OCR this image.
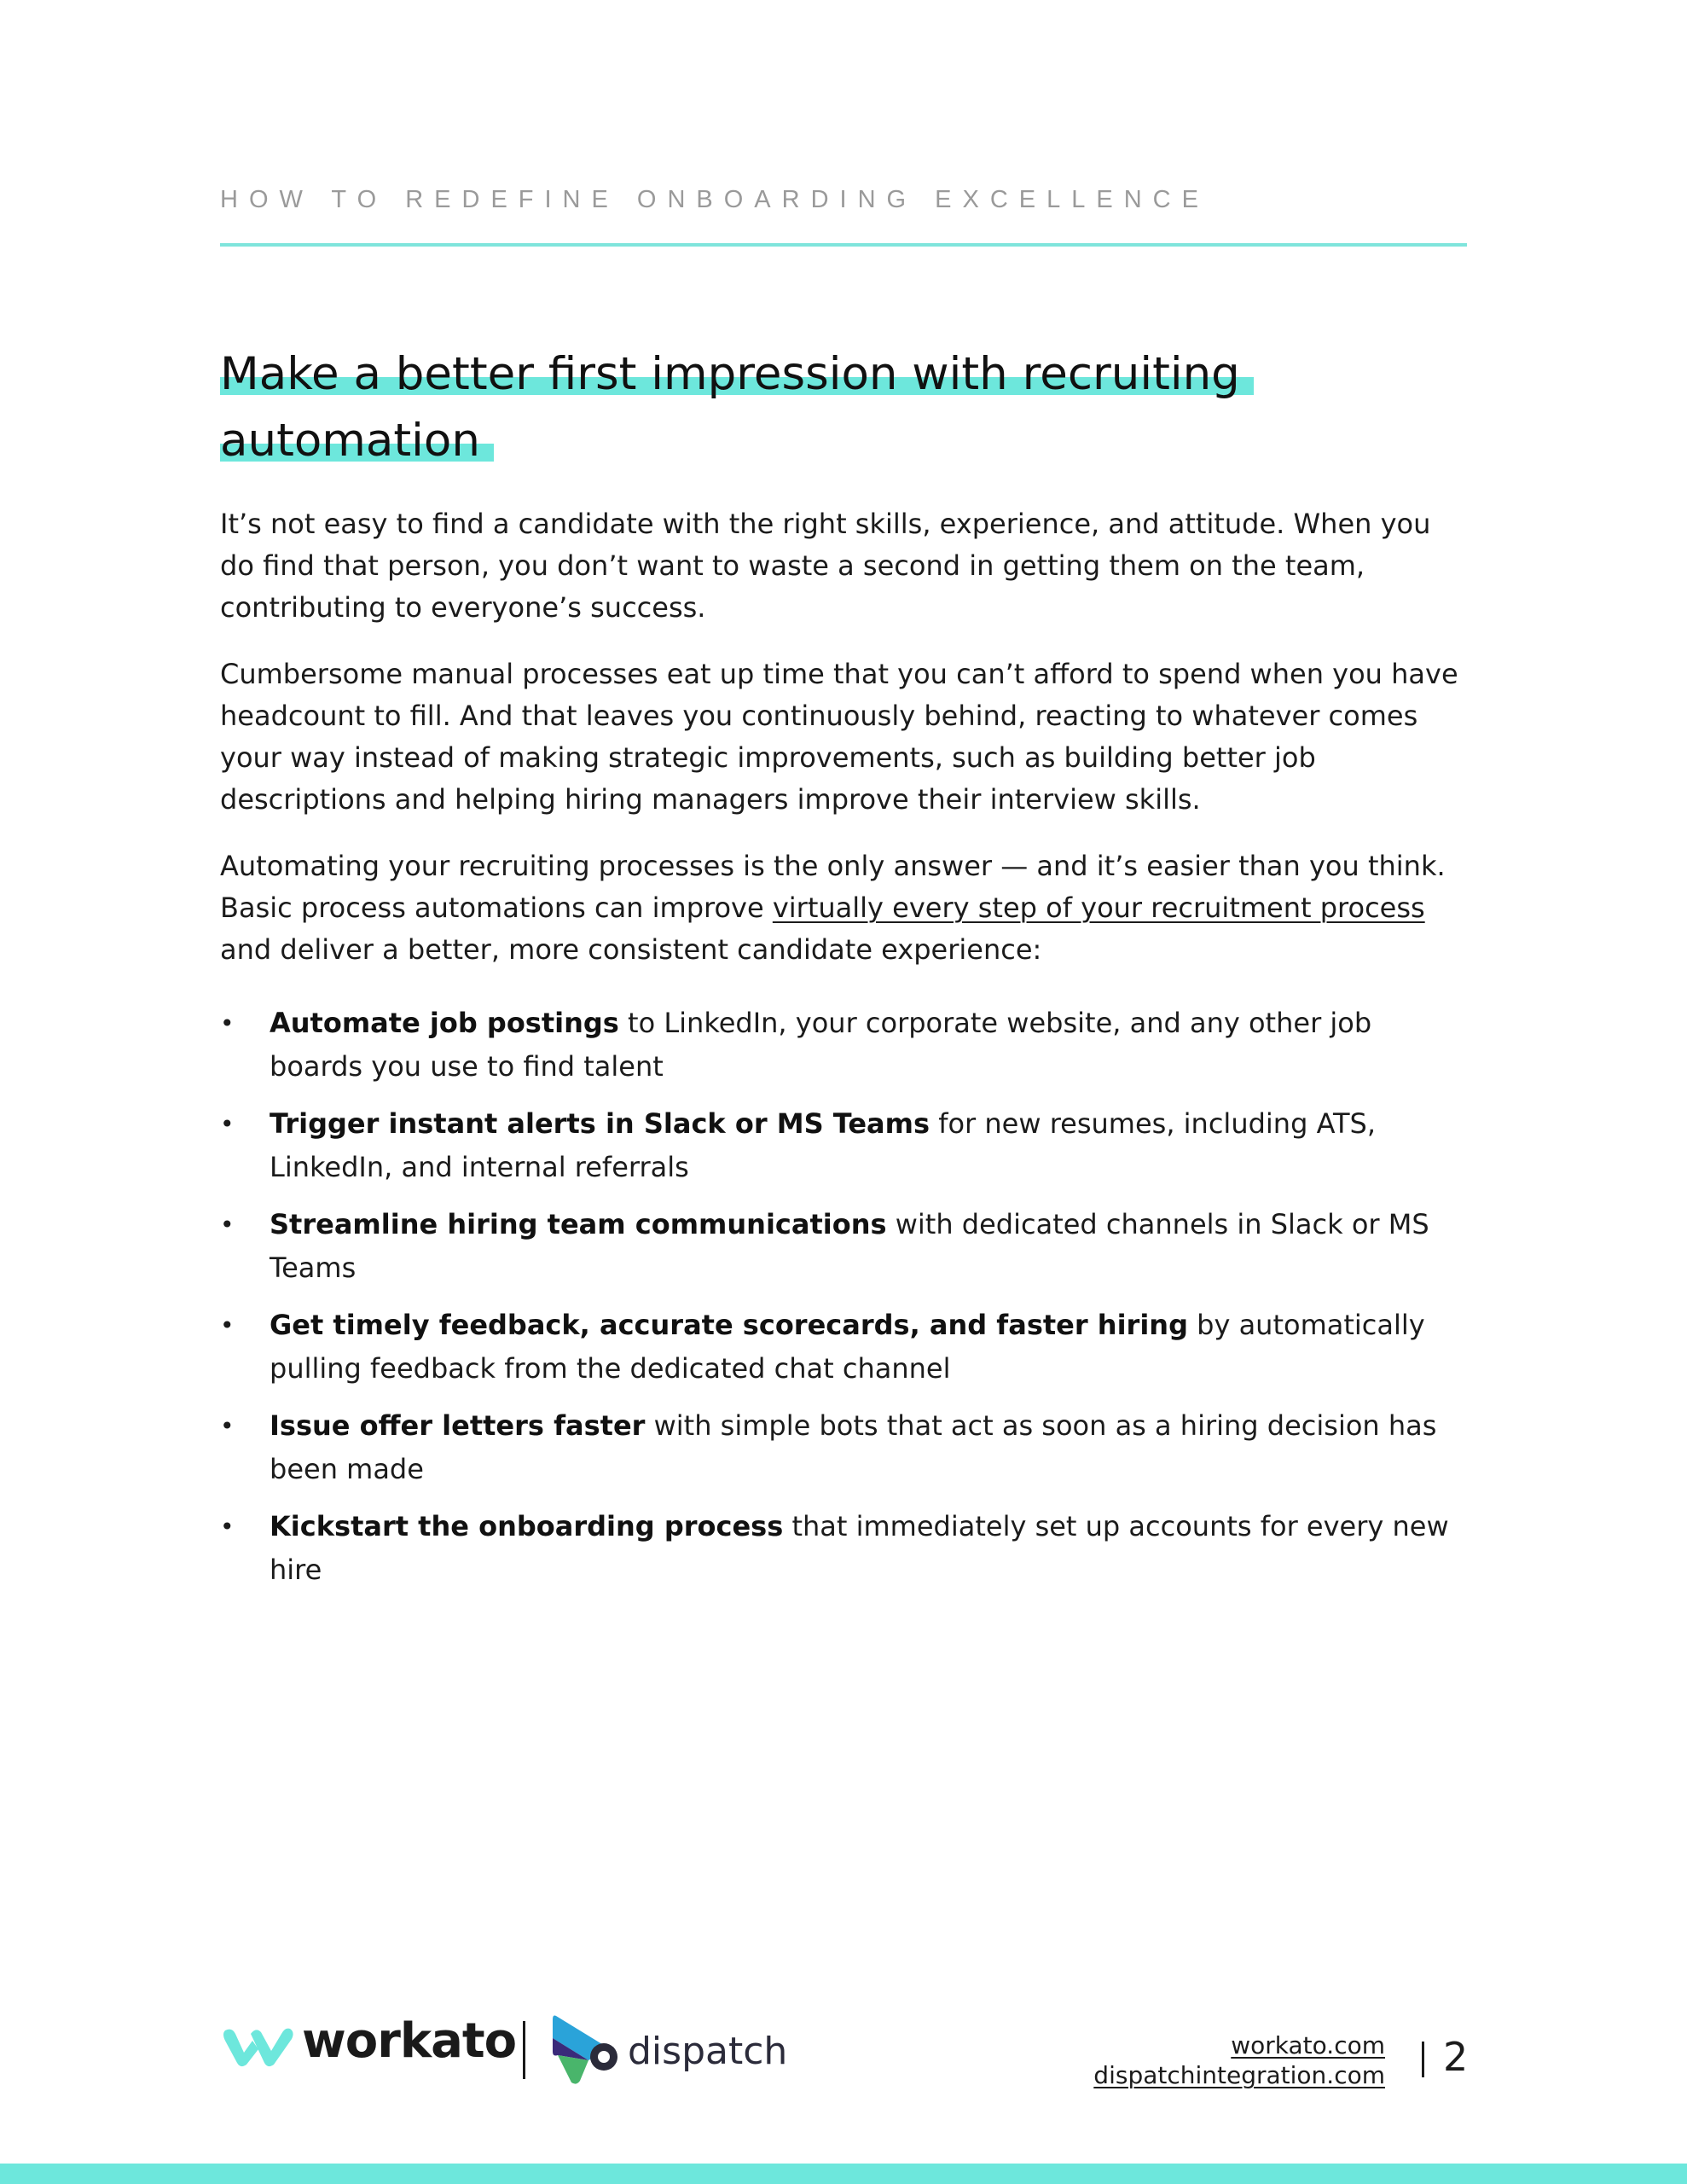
HOW TO REDEFINE ONBOARDING EXCELLENCE
Make a better first impression with recruiting automation

It’s not easy to find a candidate with the right skills, experience, and attitude. When you do find that person, you don’t want to waste a second in getting them on the team, contributing to everyone’s success.

Cumbersome manual processes eat up time that you can’t afford to spend when you have headcount to fill. And that leaves you continuously behind, reacting to whatever comes your way instead of making strategic improvements, such as building better job descriptions and helping hiring managers improve their interview skills.

Automating your recruiting processes is the only answer — and it’s easier than you think. Basic process automations can improve virtually every step of your recruitment process and deliver a better, more consistent candidate experience:

• Automate job postings to LinkedIn, your corporate website, and any other job boards you use to find talent
• Trigger instant alerts in Slack or MS Teams for new resumes, including ATS, LinkedIn, and internal referrals
• Streamline hiring team communications with dedicated channels in Slack or MS Teams
• Get timely feedback, accurate scorecards, and faster hiring by automatically pulling feedback from the dedicated chat channel
• Issue offer letters faster with simple bots that act as soon as a hiring decision has been made
• Kickstart the onboarding process that immediately set up accounts for every new hire
workato	dispatch	workato.com
dispatchintegration.com 2
